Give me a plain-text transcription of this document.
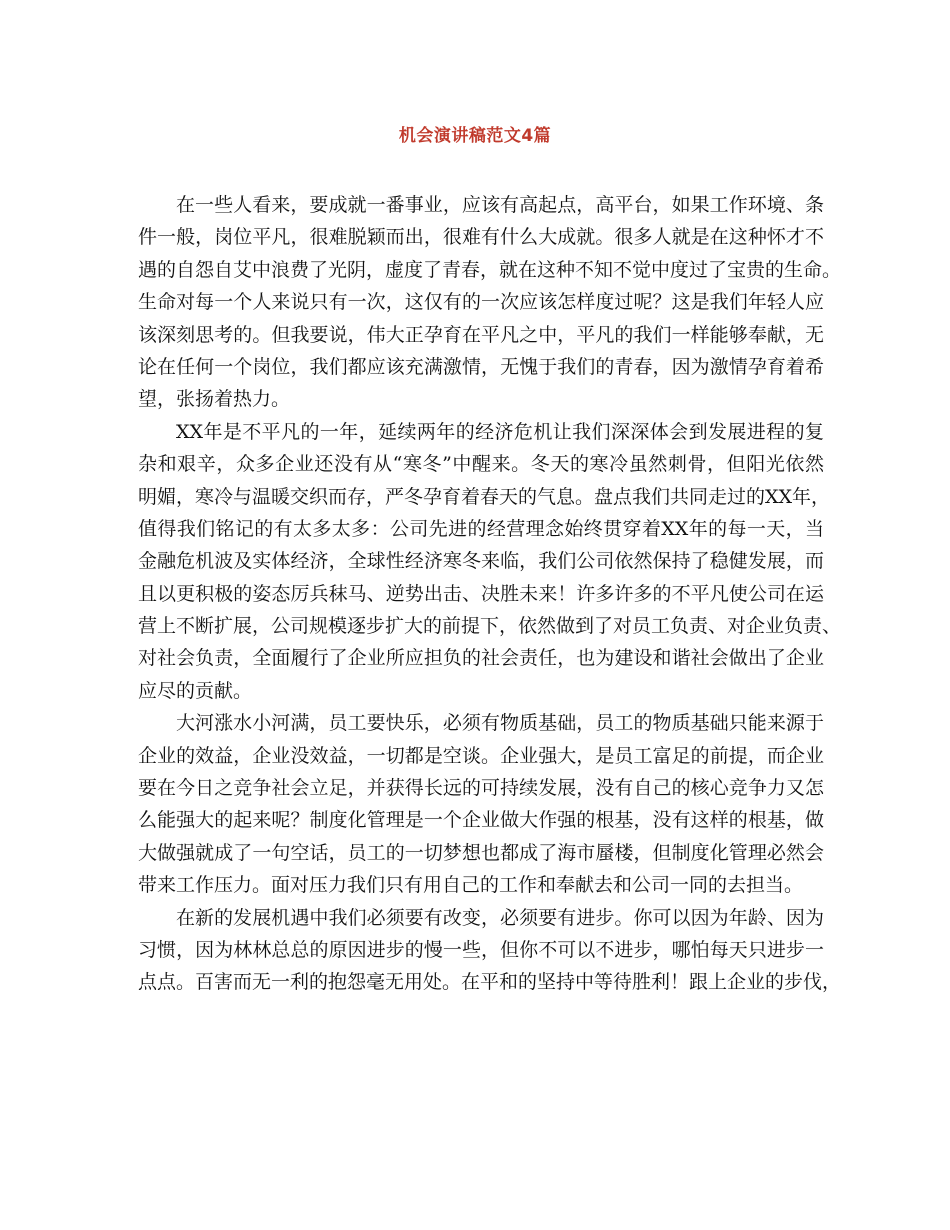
机会演讲稿范文4篇
在一些人看来，要成就一番事业，应该有高起点，高平台，如果工作环境、条
件一般，岗位平凡，很难脱颖而出，很难有什么大成就。很多人就是在这种怀才不
遇的自怨自艾中浪费了光阴，虚度了青春，就在这种不知不觉中度过了宝贵的生命。
生命对每一个人来说只有一次，这仅有的一次应该怎样度过呢？这是我们年轻人应
该深刻思考的。但我要说，伟大正孕育在平凡之中，平凡的我们一样能够奉献，无
论在任何一个岗位，我们都应该充满激情，无愧于我们的青春，因为激情孕育着希
望，张扬着热力。
XX年是不平凡的一年，延续两年的经济危机让我们深深体会到发展进程的复
杂和艰辛，众多企业还没有从“寒冬”中醒来。冬天的寒冷虽然刺骨，但阳光依然
明媚，寒冷与温暖交织而存，严冬孕育着春天的气息。盘点我们共同走过的XX年，
值得我们铭记的有太多太多：公司先进的经营理念始终贯穿着XX年的每一天，当
金融危机波及实体经济，全球性经济寒冬来临，我们公司依然保持了稳健发展，而
且以更积极的姿态厉兵秣马、逆势出击、决胜未来！许多许多的不平凡使公司在运
营上不断扩展，公司规模逐步扩大的前提下，依然做到了对员工负责、对企业负责、
对社会负责，全面履行了企业所应担负的社会责任，也为建设和谐社会做出了企业
应尽的贡献。
大河涨水小河满，员工要快乐，必须有物质基础，员工的物质基础只能来源于
企业的效益，企业没效益，一切都是空谈。企业强大，是员工富足的前提，而企业
要在今日之竞争社会立足，并获得长远的可持续发展，没有自己的核心竞争力又怎
么能强大的起来呢？制度化管理是一个企业做大作强的根基，没有这样的根基，做
大做强就成了一句空话，员工的一切梦想也都成了海市蜃楼，但制度化管理必然会
带来工作压力。面对压力我们只有用自己的工作和奉献去和公司一同的去担当。
在新的发展机遇中我们必须要有改变，必须要有进步。你可以因为年龄、因为
习惯，因为林林总总的原因进步的慢一些，但你不可以不进步，哪怕每天只进步一
点点。百害而无一利的抱怨毫无用处。在平和的坚持中等待胜利！跟上企业的步伐，
